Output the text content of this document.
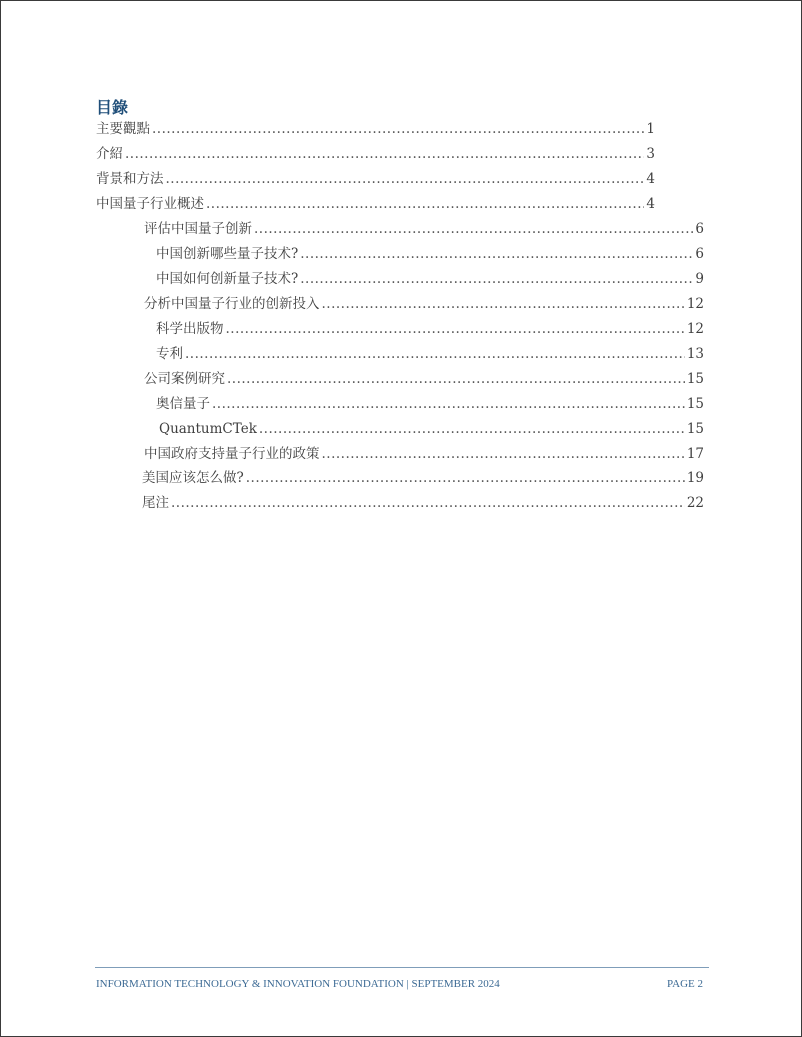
目錄
主要觀點 .....	1
介紹 .....	3
背景和方法 .....	4
中国量子行业概述 .....	4
评估中国量子创新 .....	6
中国创新哪些量子技术? .....	6
中国如何创新量子技术? .....	9
分析中国量子行业的创新投入 .....	12
科学出版物 .....	12
专利 .....	13
公司案例研究 .....	15
奥信量子 .....	15
QuantumCTek .....	15
中国政府支持量子行业的政策 .....	17
美国应该怎么做? .....	19
尾注 .....	22
INFORMATION TECHNOLOGY & INNOVATION FOUNDATION | SEPTEMBER 2024	PAGE 2
